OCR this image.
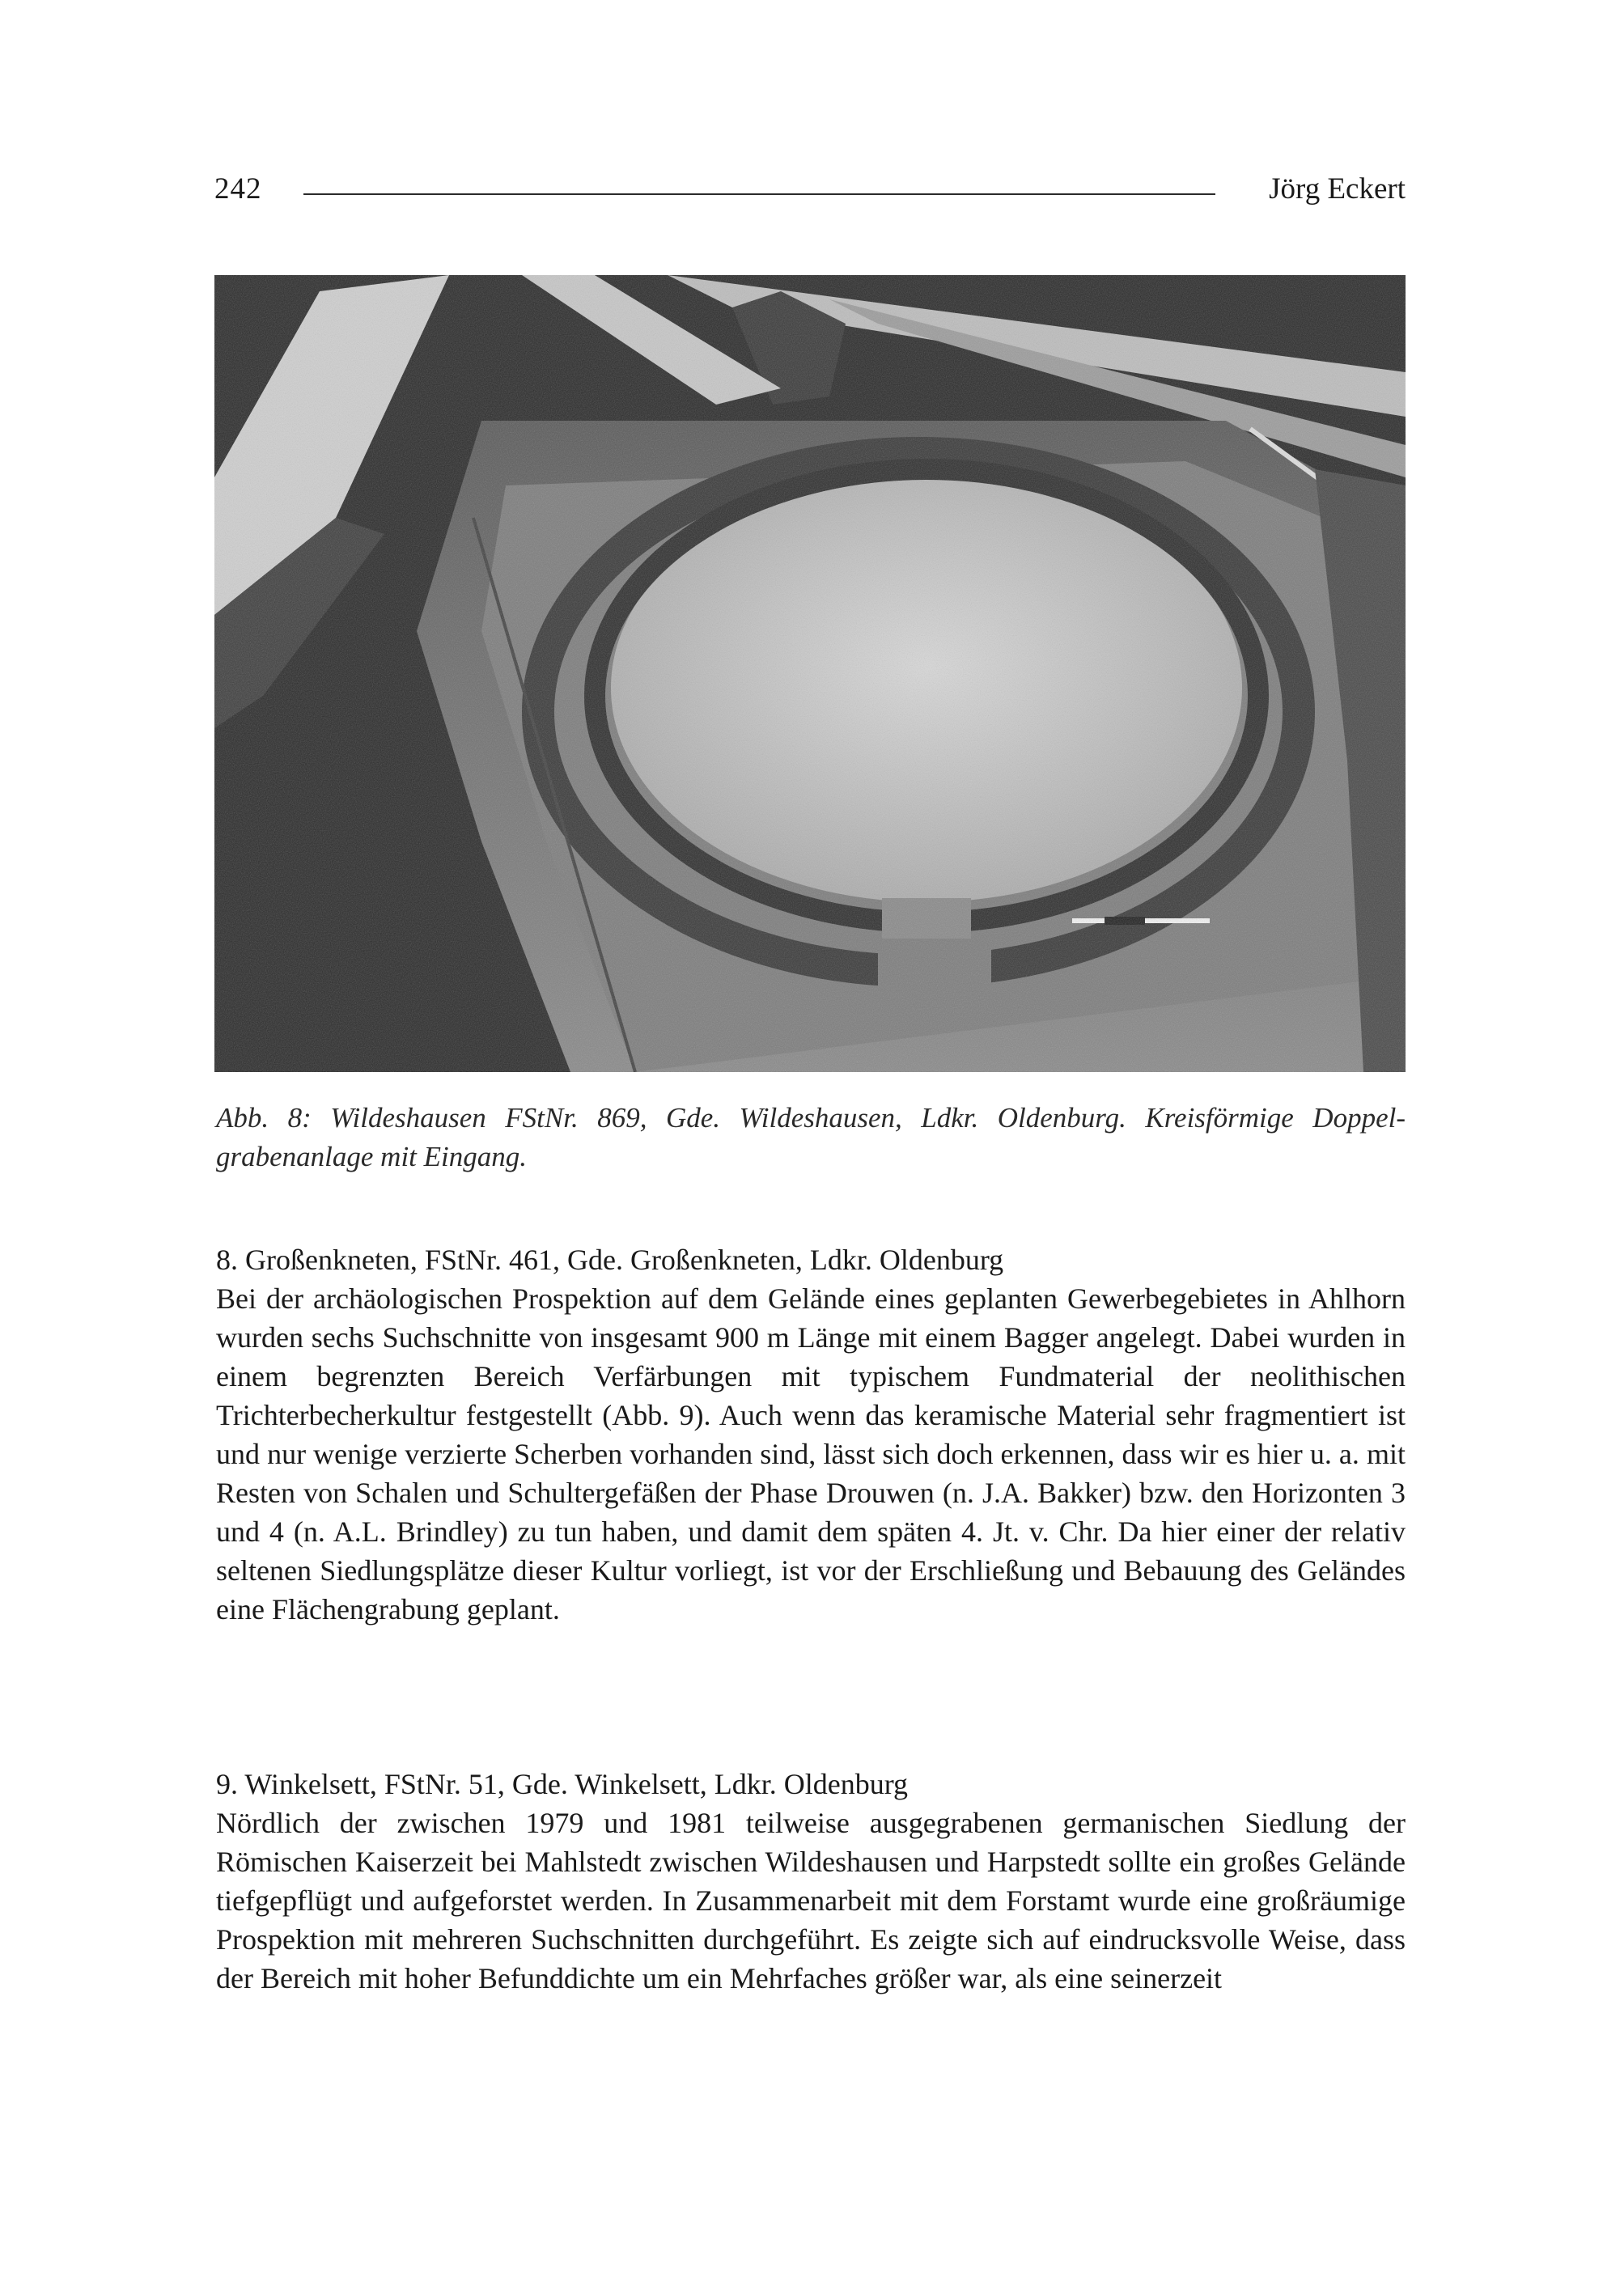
242	Jörg Eckert
Abb. 8: Wildeshausen FStNr. 869, Gde. Wildeshausen, Ldkr. Oldenburg. Kreisförmige Doppelgrabenanlage mit Eingang.
8. Großenkneten, FStNr. 461, Gde. Großenkneten, Ldkr. Oldenburg
Bei der archäologischen Prospektion auf dem Gelände eines geplanten Gewerbegebietes in Ahlhorn wurden sechs Suchschnitte von insgesamt 900 m Länge mit einem Bagger angelegt. Dabei wurden in einem begrenzten Bereich Verfärbungen mit typischem Fundmaterial der neolithischen Trichterbecherkultur festgestellt (Abb. 9). Auch wenn das keramische Material sehr fragmentiert ist und nur wenige verzierte Scherben vorhanden sind, lässt sich doch erkennen, dass wir es hier u. a. mit Resten von Schalen und Schultergefäßen der Phase Drouwen (n. J.A. Bakker) bzw. den Horizonten 3 und 4 (n. A.L. Brindley) zu tun haben, und damit dem späten 4. Jt. v. Chr. Da hier einer der relativ seltenen Siedlungsplätze dieser Kultur vorliegt, ist vor der Erschließung und Bebauung des Geländes eine Flächengrabung geplant.
9. Winkelsett, FStNr. 51, Gde. Winkelsett, Ldkr. Oldenburg
Nördlich der zwischen 1979 und 1981 teilweise ausgegrabenen germanischen Siedlung der Römischen Kaiserzeit bei Mahlstedt zwischen Wildeshausen und Harpstedt sollte ein großes Gelände tiefgepflügt und aufgeforstet werden. In Zusammenarbeit mit dem Forstamt wurde eine großräumige Prospektion mit mehreren Suchschnitten durchgeführt. Es zeigte sich auf eindrucksvolle Weise, dass der Bereich mit hoher Befunddichte um ein Mehrfaches größer war, als eine seinerzeit
